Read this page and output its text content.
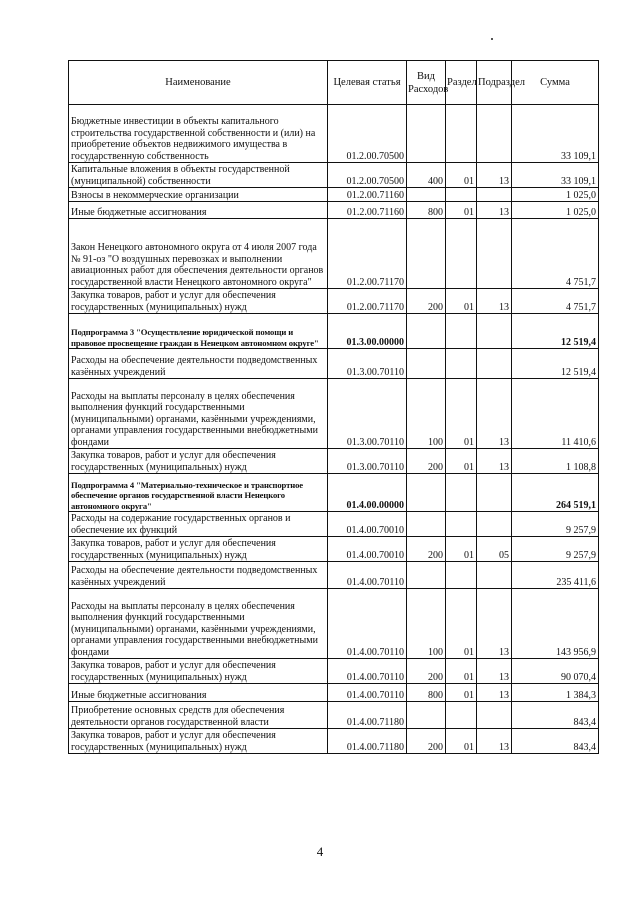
Наименование	Целевая статья	Вид Расходов	Раздел	Подраздел	Сумма
Бюджетные инвестиции в объекты капитального строительства государственной собственности и (или) на приобретение объектов недвижимого имущества в государственную собственность	01.2.00.70500				33 109,1
Капитальные вложения в объекты государственной (муниципальной) собственности	01.2.00.70500	400	01	13	33 109,1
Взносы в некоммерческие организации	01.2.00.71160				1 025,0
Иные бюджетные ассигнования	01.2.00.71160	800	01	13	1 025,0
Закон Ненецкого автономного округа от 4 июля 2007 года № 91-оз "О воздушных перевозках и выполнении авиационных работ для обеспечения деятельности органов государственной власти Ненецкого автономного округа"	01.2.00.71170				4 751,7
Закупка товаров, работ и услуг для обеспечения государственных (муниципальных) нужд	01.2.00.71170	200	01	13	4 751,7
Подпрограмма 3 "Осуществление юридической помощи и правовое просвещение граждан в Ненецком автономном округе"	01.3.00.00000				12 519,4
Расходы на обеспечение деятельности подведомственных казённых учреждений	01.3.00.70110				12 519,4
Расходы на выплаты персоналу в целях обеспечения выполнения функций государственными (муниципальными) органами, казёнными учреждениями, органами управления государственными внебюджетными фондами	01.3.00.70110	100	01	13	11 410,6
Закупка товаров, работ и услуг для обеспечения государственных (муниципальных) нужд	01.3.00.70110	200	01	13	1 108,8
Подпрограмма 4 "Материально-техническое и транспортное обеспечение органов государственной власти Ненецкого автономного округа"	01.4.00.00000				264 519,1
Расходы на содержание государственных органов и обеспечение их функций	01.4.00.70010				9 257,9
Закупка товаров, работ и услуг для обеспечения государственных (муниципальных) нужд	01.4.00.70010	200	01	05	9 257,9
Расходы на обеспечение деятельности подведомственных казённых учреждений	01.4.00.70110				235 411,6
Расходы на выплаты персоналу в целях обеспечения выполнения функций государственными (муниципальными) органами, казёнными учреждениями, органами управления государственными внебюджетными фондами	01.4.00.70110	100	01	13	143 956,9
Закупка товаров, работ и услуг для обеспечения государственных (муниципальных) нужд	01.4.00.70110	200	01	13	90 070,4
Иные бюджетные ассигнования	01.4.00.70110	800	01	13	1 384,3
Приобретение основных средств для обеспечения деятельности органов государственной власти	01.4.00.71180				843,4
Закупка товаров, работ и услуг для обеспечения государственных (муниципальных) нужд	01.4.00.71180	200	01	13	843,4
4
